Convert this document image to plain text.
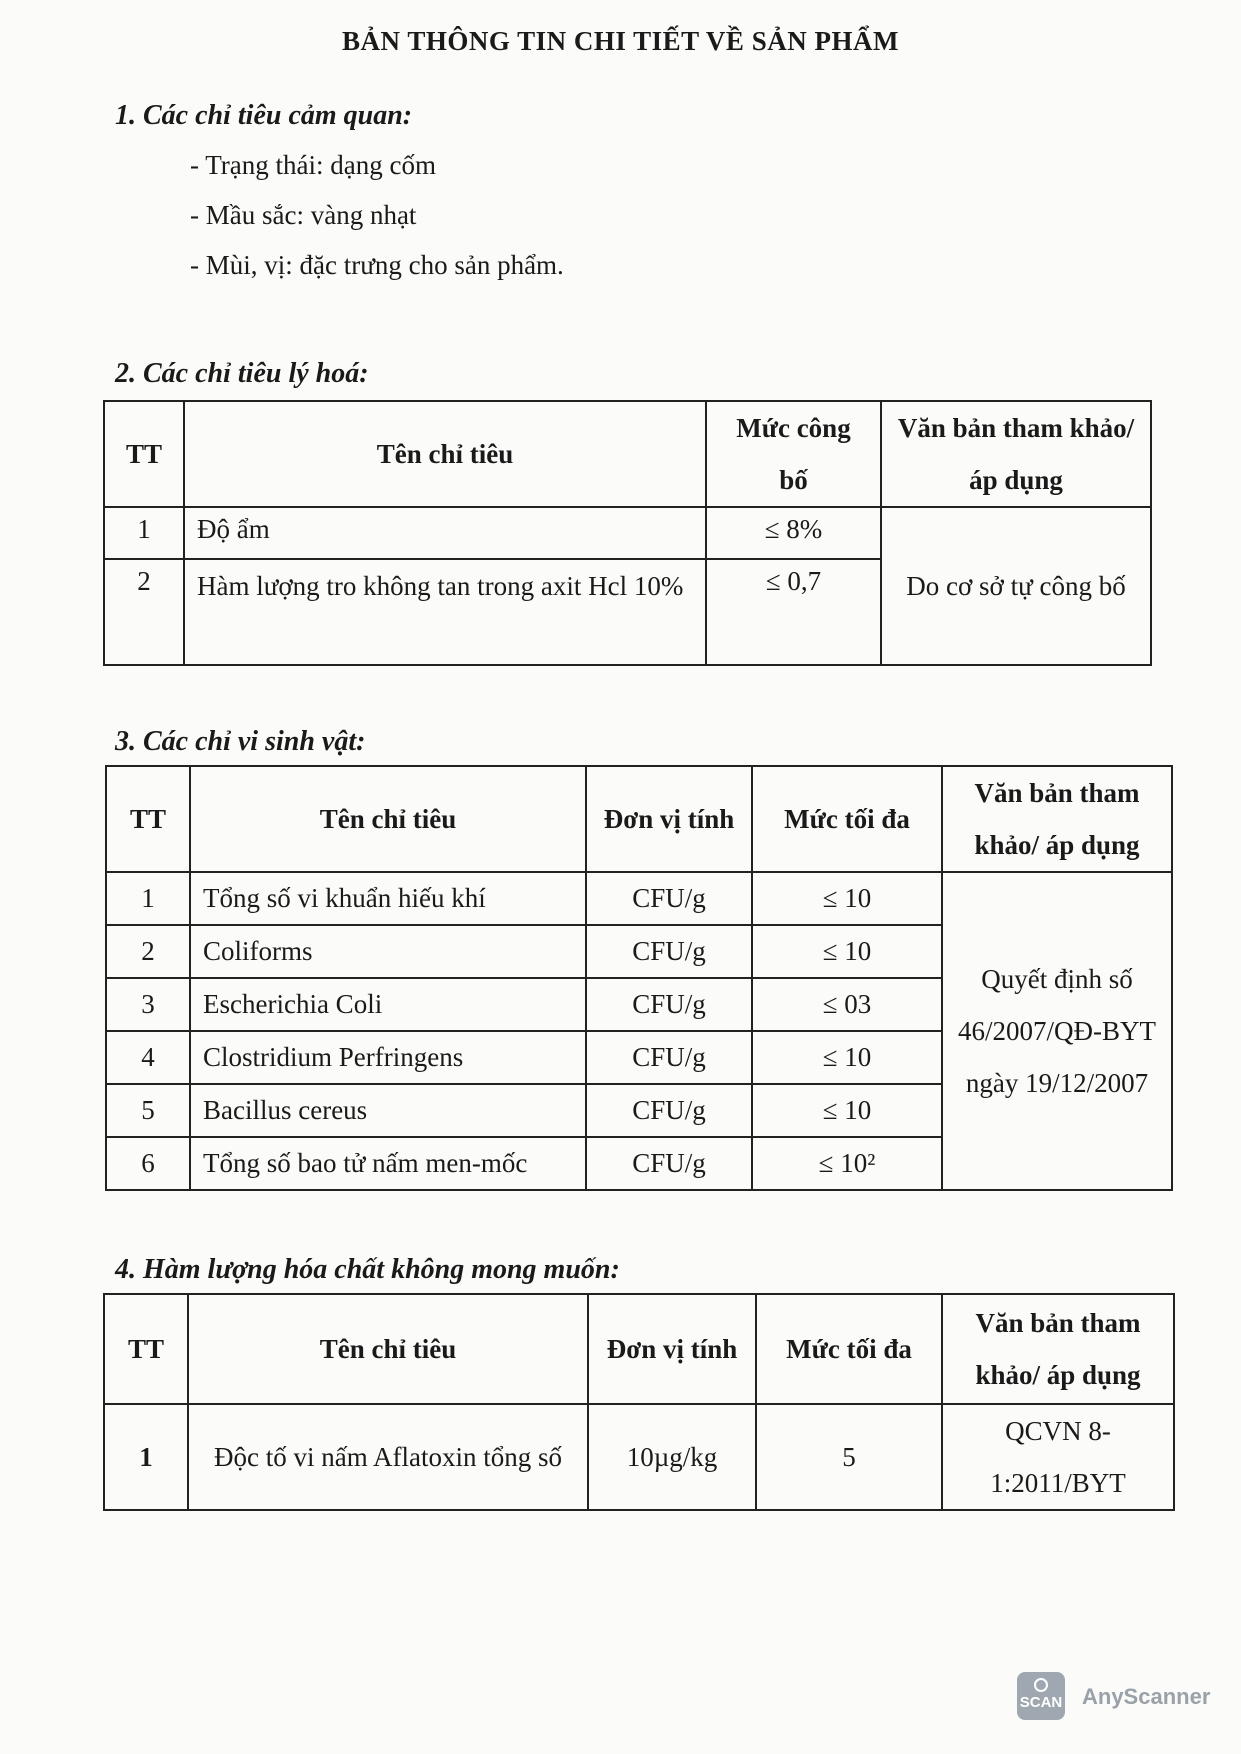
BẢN THÔNG TIN CHI TIẾT VỀ SẢN PHẨM
1. Các chỉ tiêu cảm quan:
- Trạng thái: dạng cốm
- Mầu sắc: vàng nhạt
- Mùi, vị: đặc trưng cho sản phẩm.
2. Các chỉ tiêu lý hoá:
TT	Tên chỉ tiêu	Mức công bố	Văn bản tham khảo/ áp dụng
1	Độ ẩm	≤ 8%	Do cơ sở tự công bố
2	Hàm lượng tro không tan trong axit Hcl 10%	≤ 0,7	
3. Các chỉ vi sinh vật:
TT	Tên chỉ tiêu	Đơn vị tính	Mức tối đa	Văn bản tham khảo/ áp dụng
1	Tổng số vi khuẩn hiếu khí	CFU/g	≤ 10	Quyết định số 46/2007/QĐ-BYT ngày 19/12/2007
2	Coliforms	CFU/g	≤ 10	
3	Escherichia Coli	CFU/g	≤ 03	
4	Clostridium Perfringens	CFU/g	≤ 10	
5	Bacillus cereus	CFU/g	≤ 10	
6	Tổng số bao tử nấm men-mốc	CFU/g	≤ 10²	
4. Hàm lượng hóa chất không mong muốn:
TT	Tên chỉ tiêu	Đơn vị tính	Mức tối đa	Văn bản tham khảo/ áp dụng
1	Độc tố vi nấm Aflatoxin tổng số	10µg/kg	5	QCVN 8-1:2011/BYT
SCAN AnyScanner
